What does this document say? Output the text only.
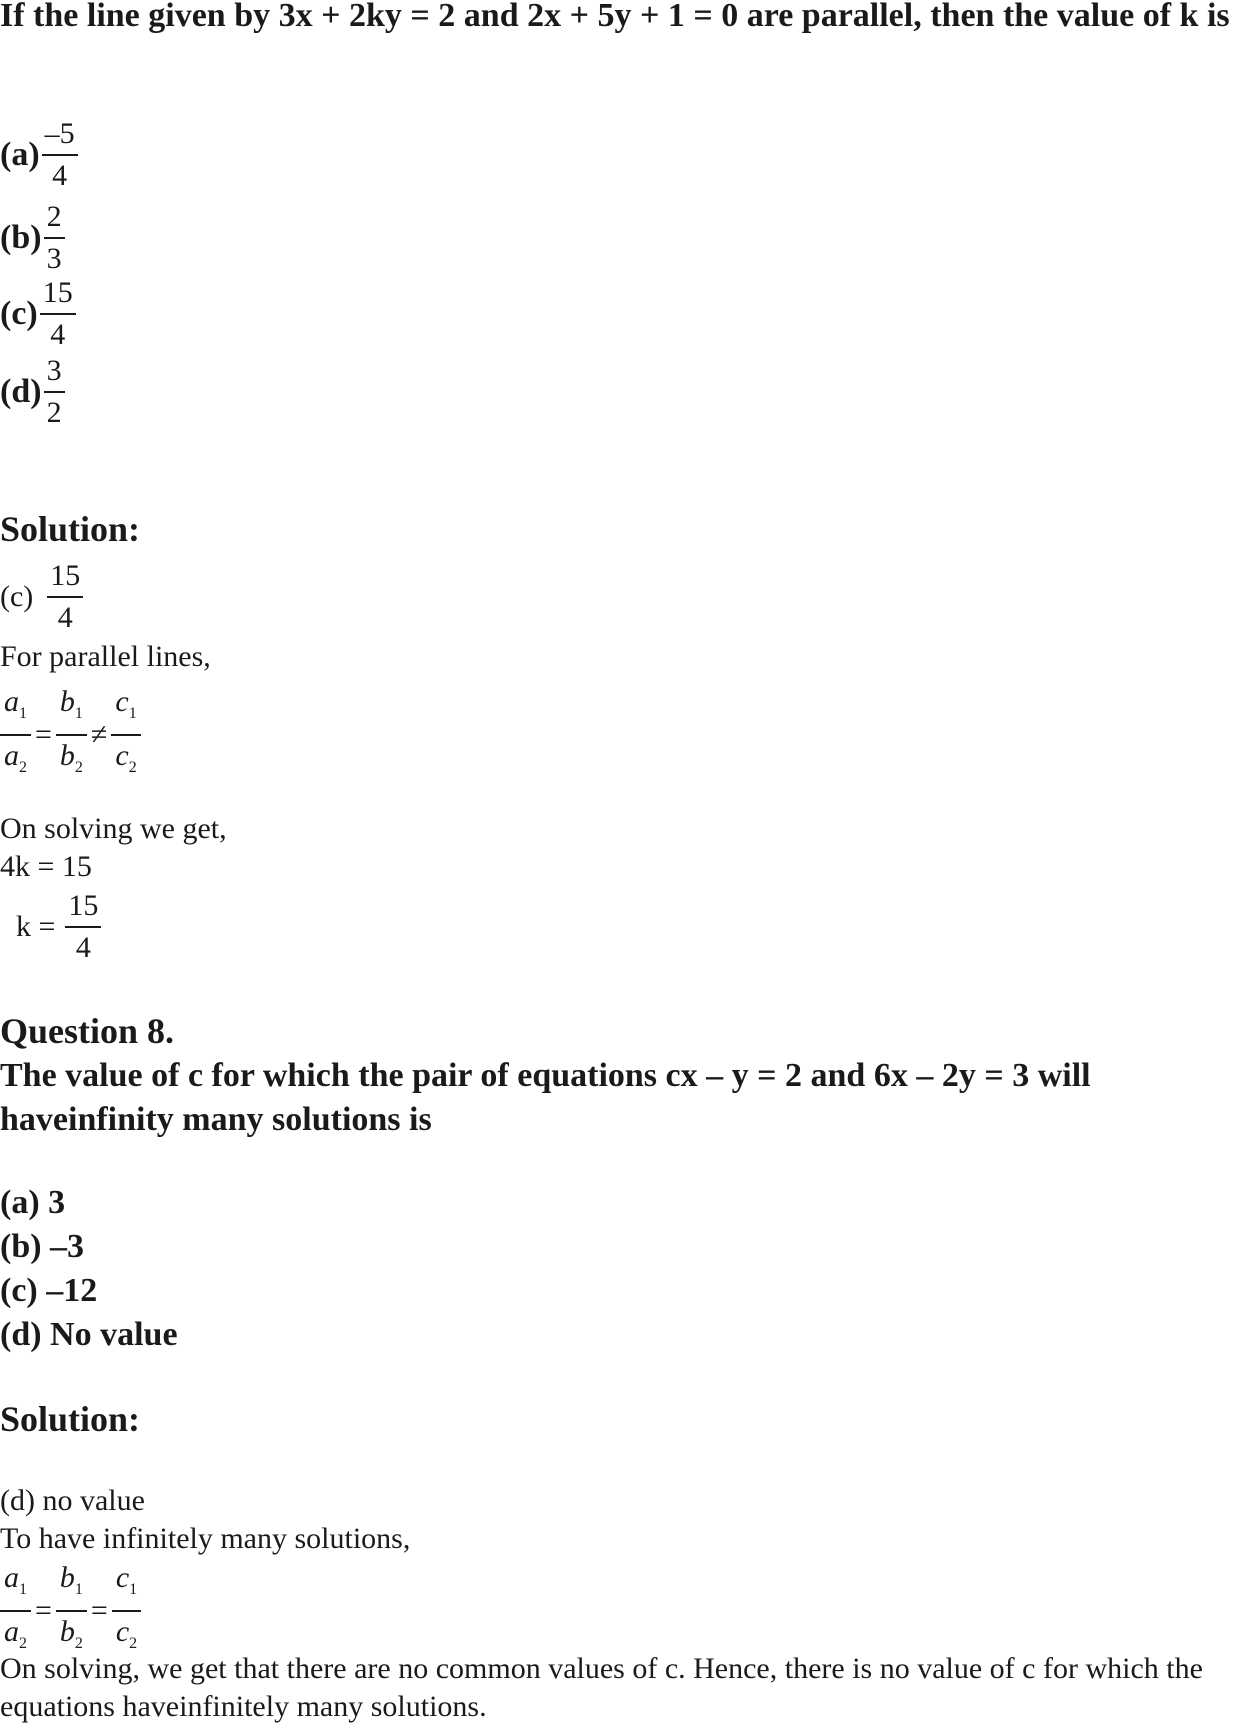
If the line given by 3x + 2ky = 2 and 2x + 5y + 1 = 0 are parallel, then the value of k is
$(a) \frac{-5}{4}$
$(b) \frac{2}{3}$
$(c) \frac{15}{4}$
$(d) \frac{3}{2}$
Solution:
$(c) \frac{15}{4}$
For parallel lines,
$\frac{a_1}{a_2} = \frac{b_1}{b_2} \ne \frac{c_1}{c_2}$
On solving we get,
4k = 15
$k = \frac{15}{4}$
Question 8.
The value of c for which the pair of equations cx – y = 2 and 6x – 2y = 3 will haveinfinity many solutions is
(a) 3
(b) –3
(c) –12
(d) No value
Solution:
(d) no value
To have infinitely many solutions,
$\frac{a_1}{a_2} = \frac{b_1}{b_2} = \frac{c_1}{c_2}$
On solving, we get that there are no common values of c. Hence, there is no value of c for which the equations haveinfinitely many solutions.
